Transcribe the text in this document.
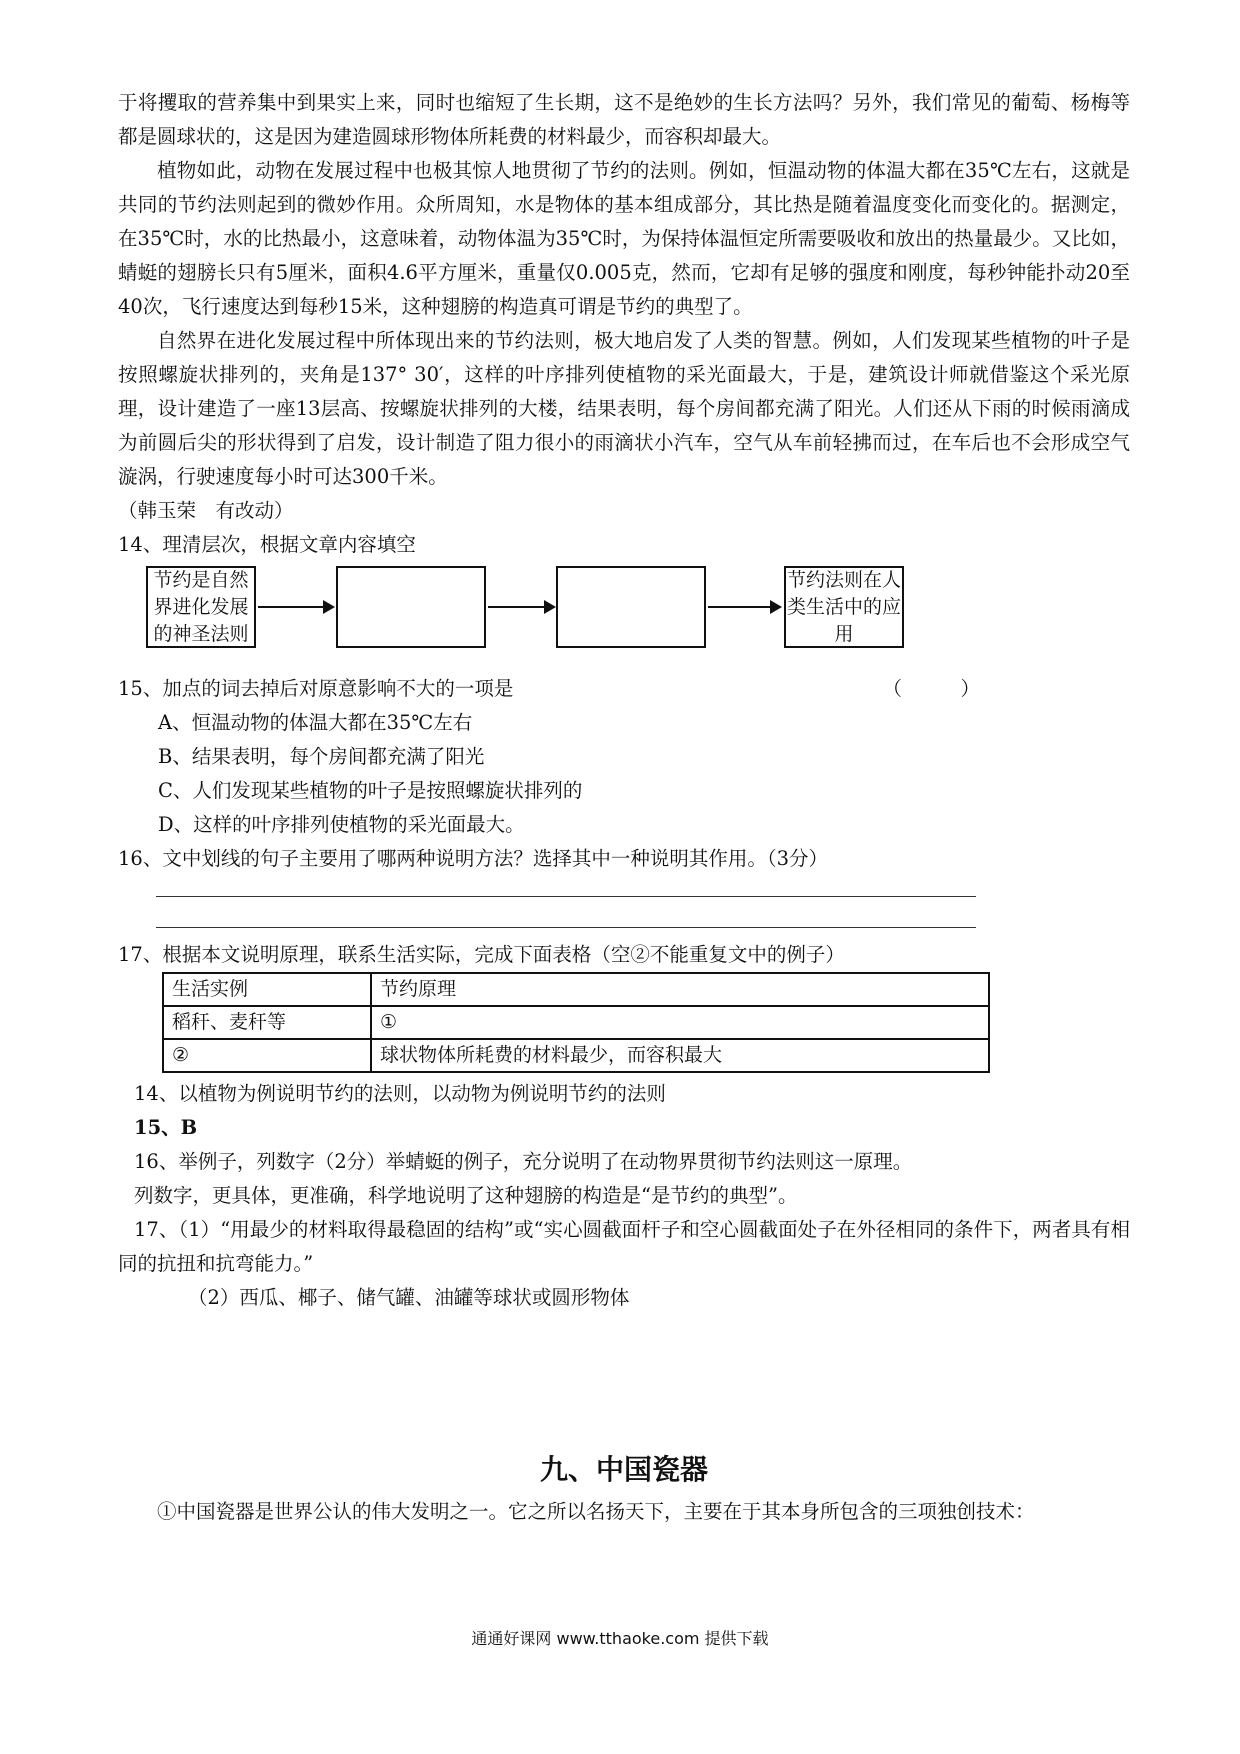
于将攫取的营养集中到果实上来，同时也缩短了生长期，这不是绝妙的生长方法吗？另外，我们常见的葡萄、杨梅等都是圆球状的，这是因为建造圆球形物体所耗费的材料最少，而容积却最大。

植物如此，动物在发展过程中也极其惊人地贯彻了节约的法则。例如，恒温动物的体温大都在35℃左右，这就是共同的节约法则起到的微妙作用。众所周知，水是物体的基本组成部分，其比热是随着温度变化而变化的。据测定，在35℃时，水的比热最小，这意味着，动物体温为35℃时，为保持体温恒定所需要吸收和放出的热量最少。又比如，蜻蜓的翅膀长只有5厘米，面积4.6平方厘米，重量仅0.005克，然而，它却有足够的强度和刚度，每秒钟能扑动20至40次，飞行速度达到每秒15米，这种翅膀的构造真可谓是节约的典型了。

自然界在进化发展过程中所体现出来的节约法则，极大地启发了人类的智慧。例如，人们发现某些植物的叶子是按照螺旋状排列的，夹角是137° 30′，这样的叶序排列使植物的采光面最大，于是，建筑设计师就借鉴这个采光原理，设计建造了一座13层高、按螺旋状排列的大楼，结果表明，每个房间都充满了阳光。人们还从下雨的时候雨滴成为前圆后尖的形状得到了启发，设计制造了阻力很小的雨滴状小汽车，空气从车前轻拂而过，在车后也不会形成空气漩涡，行驶速度每小时可达300千米。

（韩玉荣　有改动）

14、理清层次，根据文章内容填空

节约是自然界进化发展的神圣法则
节约法则在人类生活中的应用

15、加点的词去掉后对原意影响不大的一项是	（　　　）

A、恒温动物的体温大都在35℃左右

B、结果表明，每个房间都充满了阳光

C、人们发现某些植物的叶子是按照螺旋状排列的

D、这样的叶序排列使植物的采光面最大。

16、文中划线的句子主要用了哪两种说明方法？选择其中一种说明其作用。（3分）

17、根据本文说明原理，联系生活实际，完成下面表格（空②不能重复文中的例子）

生活实例	节约原理
稻秆、麦秆等	①
②	球状物体所耗费的材料最少，而容积最大

14、以植物为例说明节约的法则，以动物为例说明节约的法则

15、B

16、举例子，列数字（2分）举蜻蜓的例子，充分说明了在动物界贯彻节约法则这一原理。

列数字，更具体，更准确，科学地说明了这种翅膀的构造是“是节约的典型”。

17、（1）“用最少的材料取得最稳固的结构”或“实心圆截面杆子和空心圆截面处子在外径相同的条件下，两者具有相同的抗扭和抗弯能力。”

（2）西瓜、椰子、储气罐、油罐等球状或圆形物体

九、中国瓷器

①中国瓷器是世界公认的伟大发明之一。它之所以名扬天下，主要在于其本身所包含的三项独创技术：

通通好课网 www.tthaoke.com 提供下载
